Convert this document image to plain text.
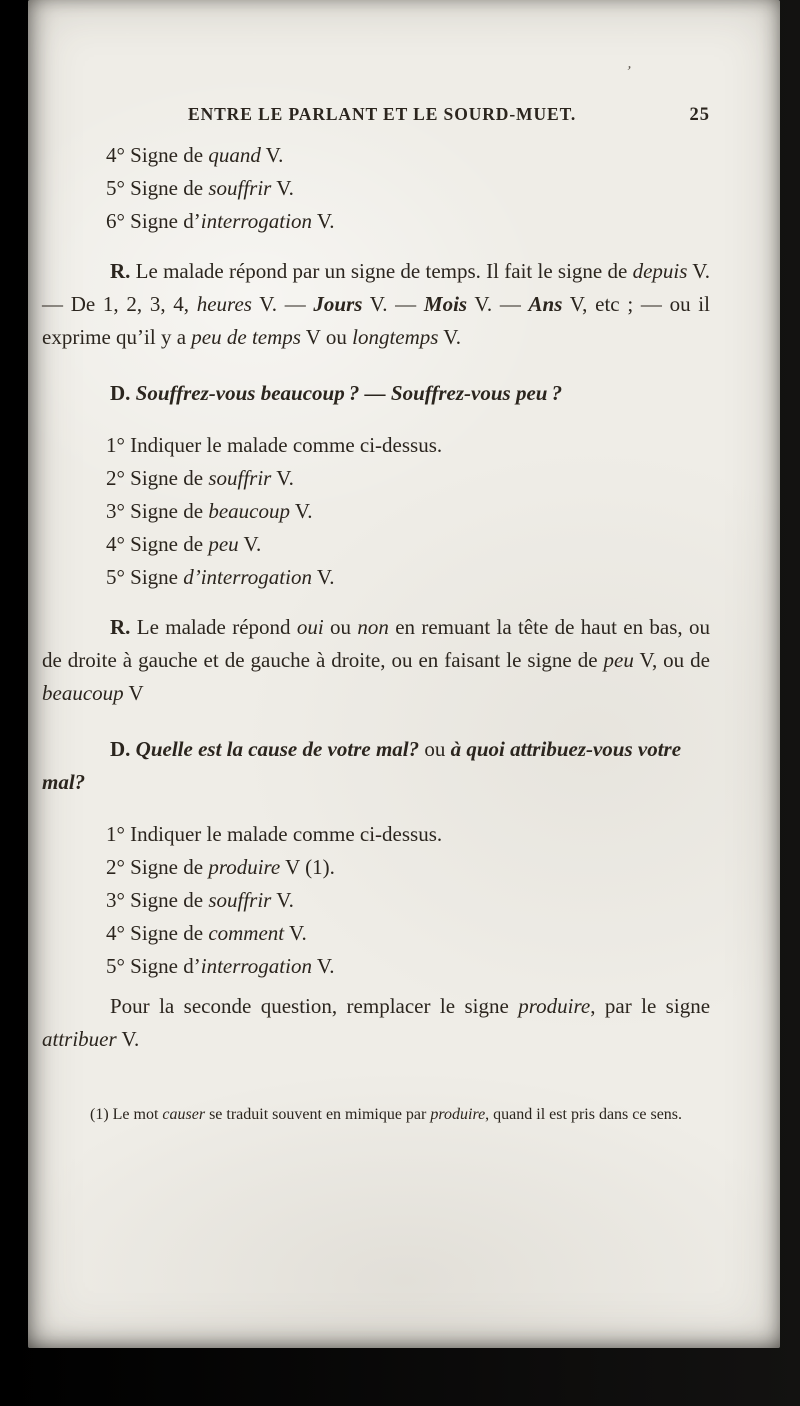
’
ENTRE LE PARLANT ET LE SOURD-MUET.	25

4° Signe de quand V.

5° Signe de souffrir V.

6° Signe d’interrogation V.

R. Le malade répond par un signe de temps. Il fait le signe de depuis V.— De 1, 2, 3, 4, heures V. — Jours V. — Mois V. — Ans V, etc ; — ou il exprime qu’il y a peu de temps V ou longtemps V.

D. Souffrez-vous beaucoup ? — Souffrez-vous peu ?

1° Indiquer le malade comme ci-dessus.

2° Signe de souffrir V.

3° Signe de beaucoup V.

4° Signe de peu V.

5° Signe d’interrogation V.

R. Le malade répond oui ou non en remuant la tête de haut en bas, ou de droite à gauche et de gauche à droite, ou en faisant le signe de peu V, ou de beaucoup V

D. Quelle est la cause de votre mal? ou à quoi attribuez-vous votre mal?

1° Indiquer le malade comme ci-dessus.

2° Signe de produire V (1).

3° Signe de souffrir V.

4° Signe de comment V.

5° Signe d’interrogation V.

Pour la seconde question, remplacer le signe produire, par le signe attribuer V.

(1) Le mot causer se traduit souvent en mimique par produire, quand il est pris dans ce sens.
